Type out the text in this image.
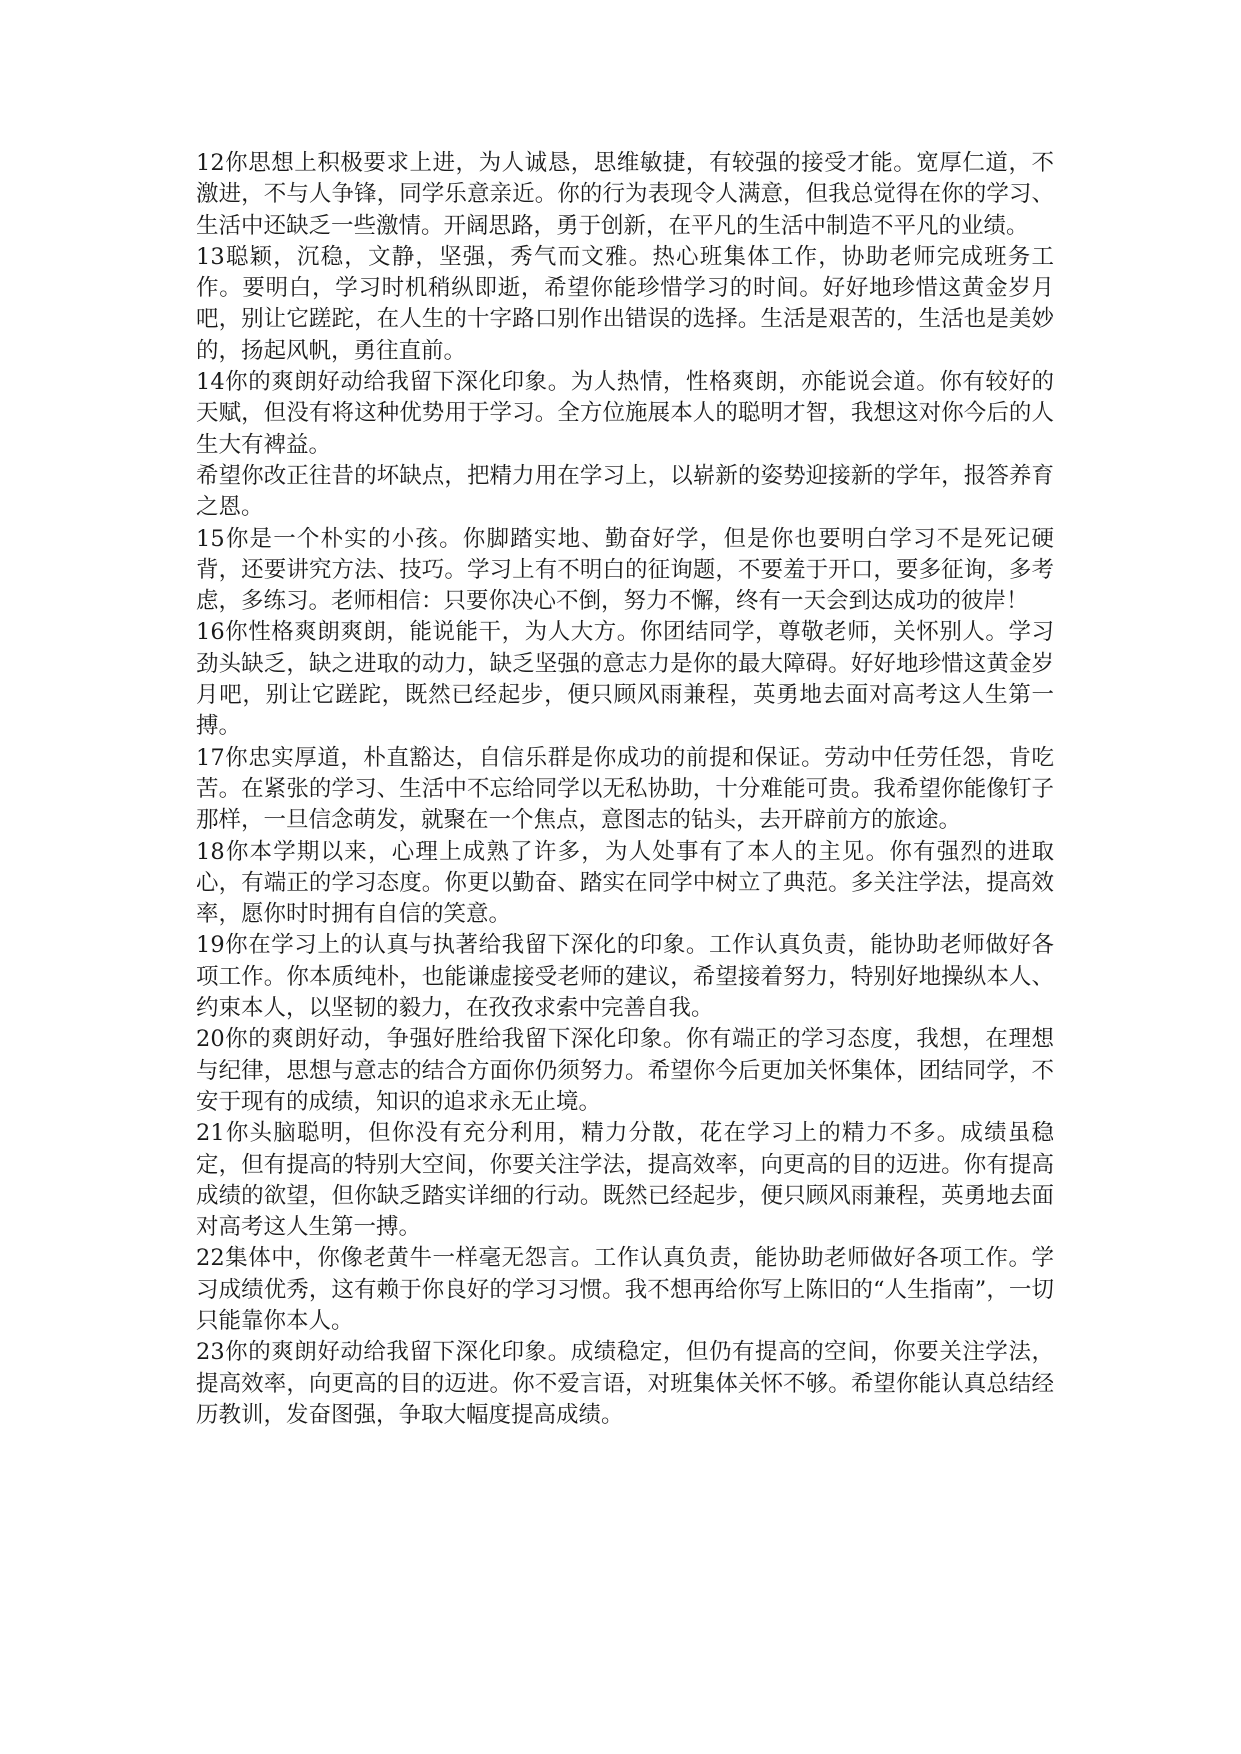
12你思想上积极要求上进，为人诚恳，思维敏捷，有较强的接受才能。宽厚仁道，不激进，不与人争锋，同学乐意亲近。你的行为表现令人满意，但我总觉得在你的学习、生活中还缺乏一些激情。开阔思路，勇于创新，在平凡的生活中制造不平凡的业绩。

13聪颖，沉稳，文静，坚强，秀气而文雅。热心班集体工作，协助老师完成班务工作。要明白，学习时机稍纵即逝，希望你能珍惜学习的时间。好好地珍惜这黄金岁月吧，别让它蹉跎，在人生的十字路口别作出错误的选择。生活是艰苦的，生活也是美妙的，扬起风帆，勇往直前。

14你的爽朗好动给我留下深化印象。为人热情，性格爽朗，亦能说会道。你有较好的天赋，但没有将这种优势用于学习。全方位施展本人的聪明才智，我想这对你今后的人生大有裨益。

希望你改正往昔的坏缺点，把精力用在学习上，以崭新的姿势迎接新的学年，报答养育之恩。

15你是一个朴实的小孩。你脚踏实地、勤奋好学，但是你也要明白学习不是死记硬背，还要讲究方法、技巧。学习上有不明白的征询题，不要羞于开口，要多征询，多考虑，多练习。老师相信：只要你决心不倒，努力不懈，终有一天会到达成功的彼岸！

16你性格爽朗爽朗，能说能干，为人大方。你团结同学，尊敬老师，关怀别人。学习劲头缺乏，缺之进取的动力，缺乏坚强的意志力是你的最大障碍。好好地珍惜这黄金岁月吧，别让它蹉跎，既然已经起步，便只顾风雨兼程，英勇地去面对高考这人生第一搏。

17你忠实厚道，朴直豁达，自信乐群是你成功的前提和保证。劳动中任劳任怨，肯吃苦。在紧张的学习、生活中不忘给同学以无私协助，十分难能可贵。我希望你能像钉子那样，一旦信念萌发，就聚在一个焦点，意图志的钻头，去开辟前方的旅途。

18你本学期以来，心理上成熟了许多，为人处事有了本人的主见。你有强烈的进取心，有端正的学习态度。你更以勤奋、踏实在同学中树立了典范。多关注学法，提高效率，愿你时时拥有自信的笑意。

19你在学习上的认真与执著给我留下深化的印象。工作认真负责，能协助老师做好各项工作。你本质纯朴，也能谦虚接受老师的建议，希望接着努力，特别好地操纵本人、约束本人，以坚韧的毅力，在孜孜求索中完善自我。

20你的爽朗好动，争强好胜给我留下深化印象。你有端正的学习态度，我想，在理想与纪律，思想与意志的结合方面你仍须努力。希望你今后更加关怀集体，团结同学，不安于现有的成绩，知识的追求永无止境。

21你头脑聪明，但你没有充分利用，精力分散，花在学习上的精力不多。成绩虽稳定，但有提高的特别大空间，你要关注学法，提高效率，向更高的目的迈进。你有提高成绩的欲望，但你缺乏踏实详细的行动。既然已经起步，便只顾风雨兼程，英勇地去面对高考这人生第一搏。

22集体中，你像老黄牛一样毫无怨言。工作认真负责，能协助老师做好各项工作。学习成绩优秀，这有赖于你良好的学习习惯。我不想再给你写上陈旧的“人生指南”，一切只能靠你本人。

23你的爽朗好动给我留下深化印象。成绩稳定，但仍有提高的空间，你要关注学法，提高效率，向更高的目的迈进。你不爱言语，对班集体关怀不够。希望你能认真总结经历教训，发奋图强，争取大幅度提高成绩。
